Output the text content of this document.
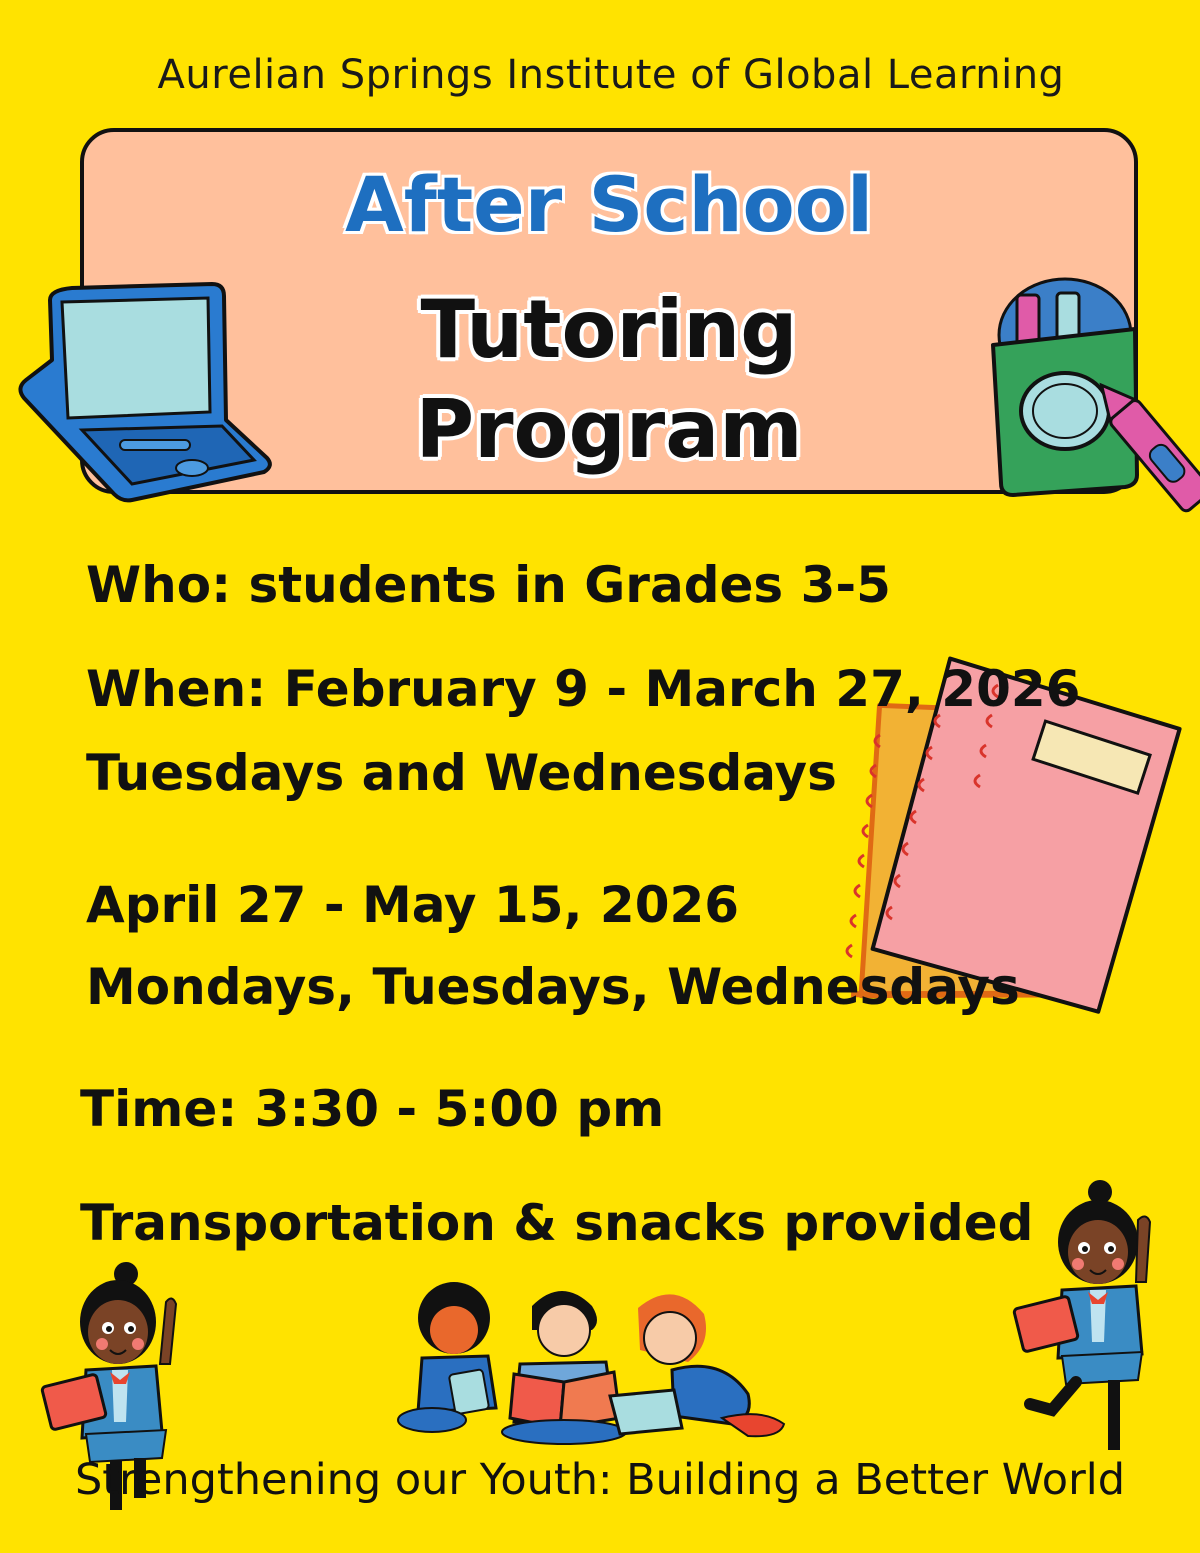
Aurelian Springs Institute of Global Learning
After School
Tutoring
Program
Who: students in Grades 3-5
When: February 9 - March 27, 2026
Tuesdays and Wednesdays
April 27 - May 15, 2026
Mondays, Tuesdays, Wednesdays
Time: 3:30 - 5:00 pm
Transportation & snacks provided
Strengthening our Youth: Building a Better World
